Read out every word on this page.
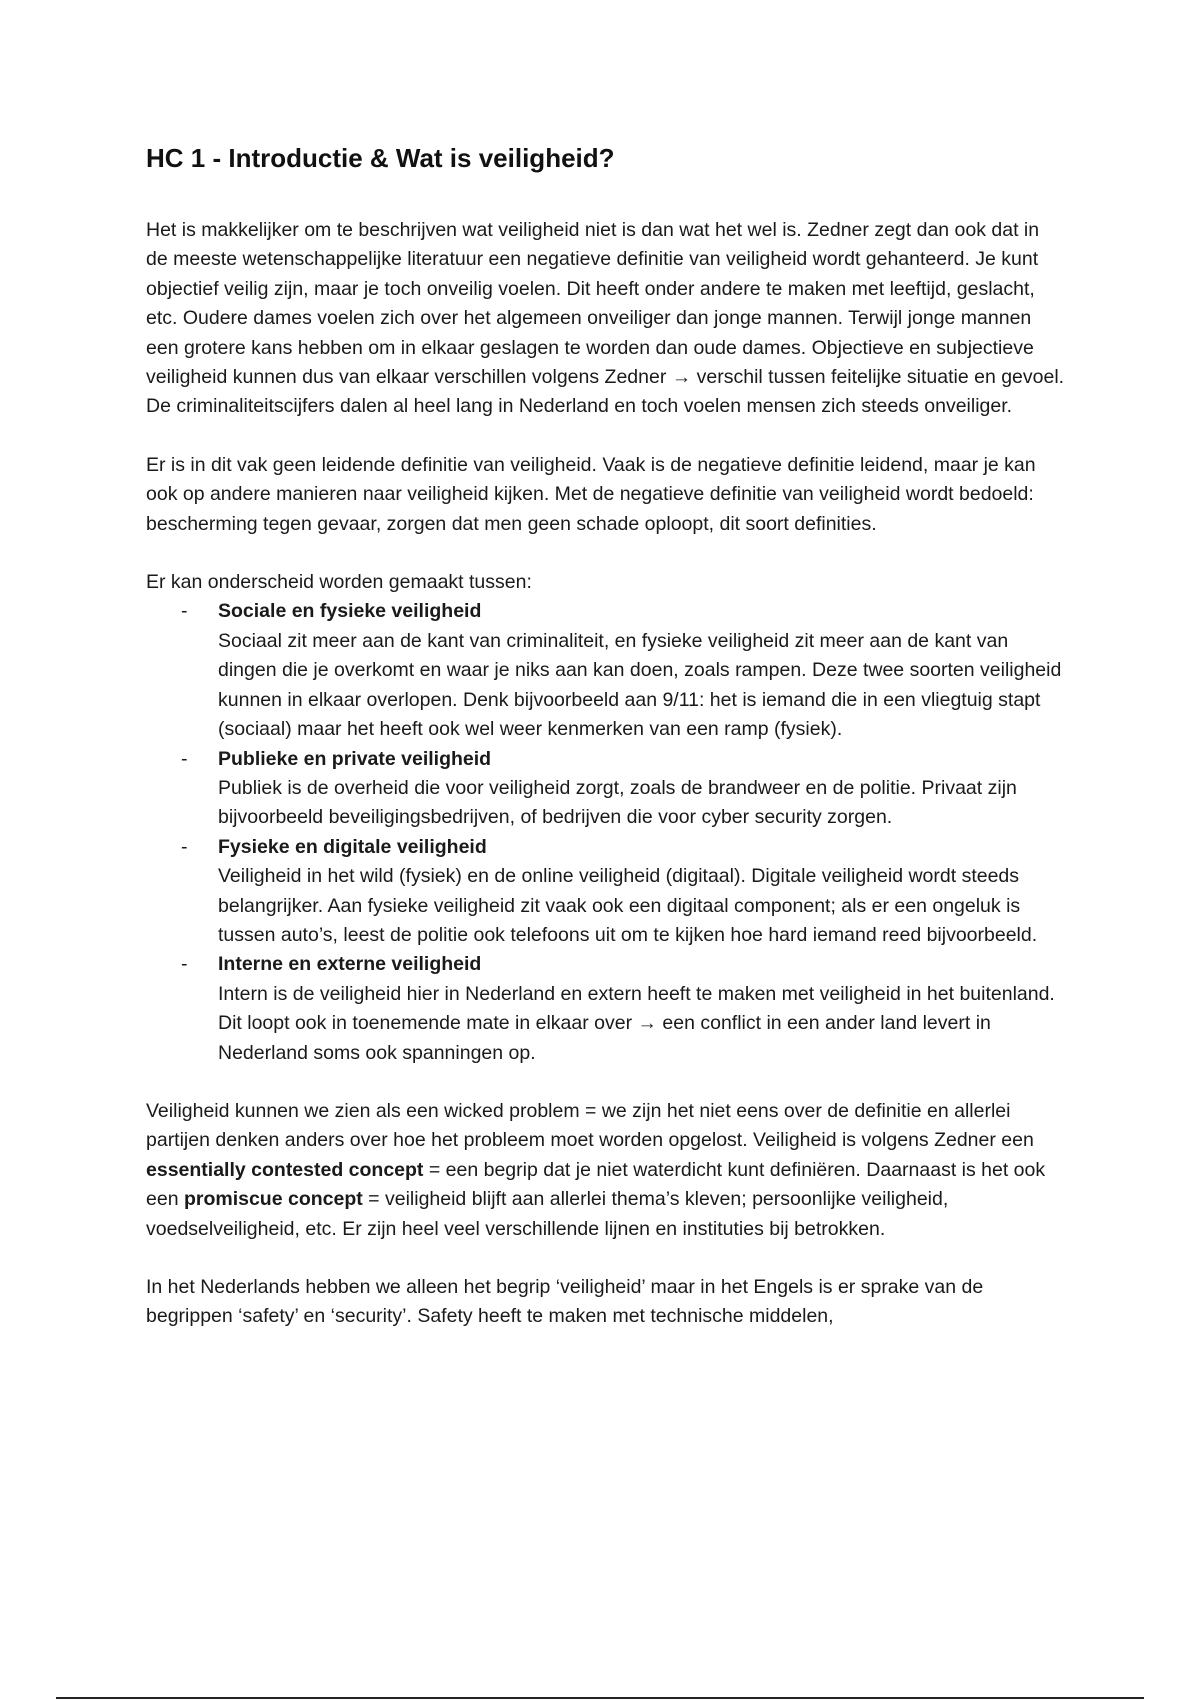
HC 1 - Introductie & Wat is veiligheid?

Het is makkelijker om te beschrijven wat veiligheid niet is dan wat het wel is. Zedner zegt dan ook dat in de meeste wetenschappelijke literatuur een negatieve definitie van veiligheid wordt gehanteerd. Je kunt objectief veilig zijn, maar je toch onveilig voelen. Dit heeft onder andere te maken met leeftijd, geslacht, etc. Oudere dames voelen zich over het algemeen onveiliger dan jonge mannen. Terwijl jonge mannen een grotere kans hebben om in elkaar geslagen te worden dan oude dames. Objectieve en subjectieve veiligheid kunnen dus van elkaar verschillen volgens Zedner → verschil tussen feitelijke situatie en gevoel. De criminaliteitscijfers dalen al heel lang in Nederland en toch voelen mensen zich steeds onveiliger.

Er is in dit vak geen leidende definitie van veiligheid. Vaak is de negatieve definitie leidend, maar je kan ook op andere manieren naar veiligheid kijken. Met de negatieve definitie van veiligheid wordt bedoeld: bescherming tegen gevaar, zorgen dat men geen schade oploopt, dit soort definities.

Er kan onderscheid worden gemaakt tussen:

- Sociale en fysieke veiligheid
Sociaal zit meer aan de kant van criminaliteit, en fysieke veiligheid zit meer aan de kant van dingen die je overkomt en waar je niks aan kan doen, zoals rampen. Deze twee soorten veiligheid kunnen in elkaar overlopen. Denk bijvoorbeeld aan 9/11: het is iemand die in een vliegtuig stapt (sociaal) maar het heeft ook wel weer kenmerken van een ramp (fysiek).
- Publieke en private veiligheid
Publiek is de overheid die voor veiligheid zorgt, zoals de brandweer en de politie. Privaat zijn bijvoorbeeld beveiligingsbedrijven, of bedrijven die voor cyber security zorgen.
- Fysieke en digitale veiligheid
Veiligheid in het wild (fysiek) en de online veiligheid (digitaal). Digitale veiligheid wordt steeds belangrijker. Aan fysieke veiligheid zit vaak ook een digitaal component; als er een ongeluk is tussen auto’s, leest de politie ook telefoons uit om te kijken hoe hard iemand reed bijvoorbeeld.
- Interne en externe veiligheid
Intern is de veiligheid hier in Nederland en extern heeft te maken met veiligheid in het buitenland. Dit loopt ook in toenemende mate in elkaar over → een conflict in een ander land levert in Nederland soms ook spanningen op.

Veiligheid kunnen we zien als een wicked problem = we zijn het niet eens over de definitie en allerlei partijen denken anders over hoe het probleem moet worden opgelost. Veiligheid is volgens Zedner een essentially contested concept = een begrip dat je niet waterdicht kunt definiëren. Daarnaast is het ook een promiscue concept = veiligheid blijft aan allerlei thema’s kleven; persoonlijke veiligheid, voedselveiligheid, etc. Er zijn heel veel verschillende lijnen en instituties bij betrokken.

In het Nederlands hebben we alleen het begrip ‘veiligheid’ maar in het Engels is er sprake van de begrippen ‘safety’ en ‘security’. Safety heeft te maken met technische middelen,
